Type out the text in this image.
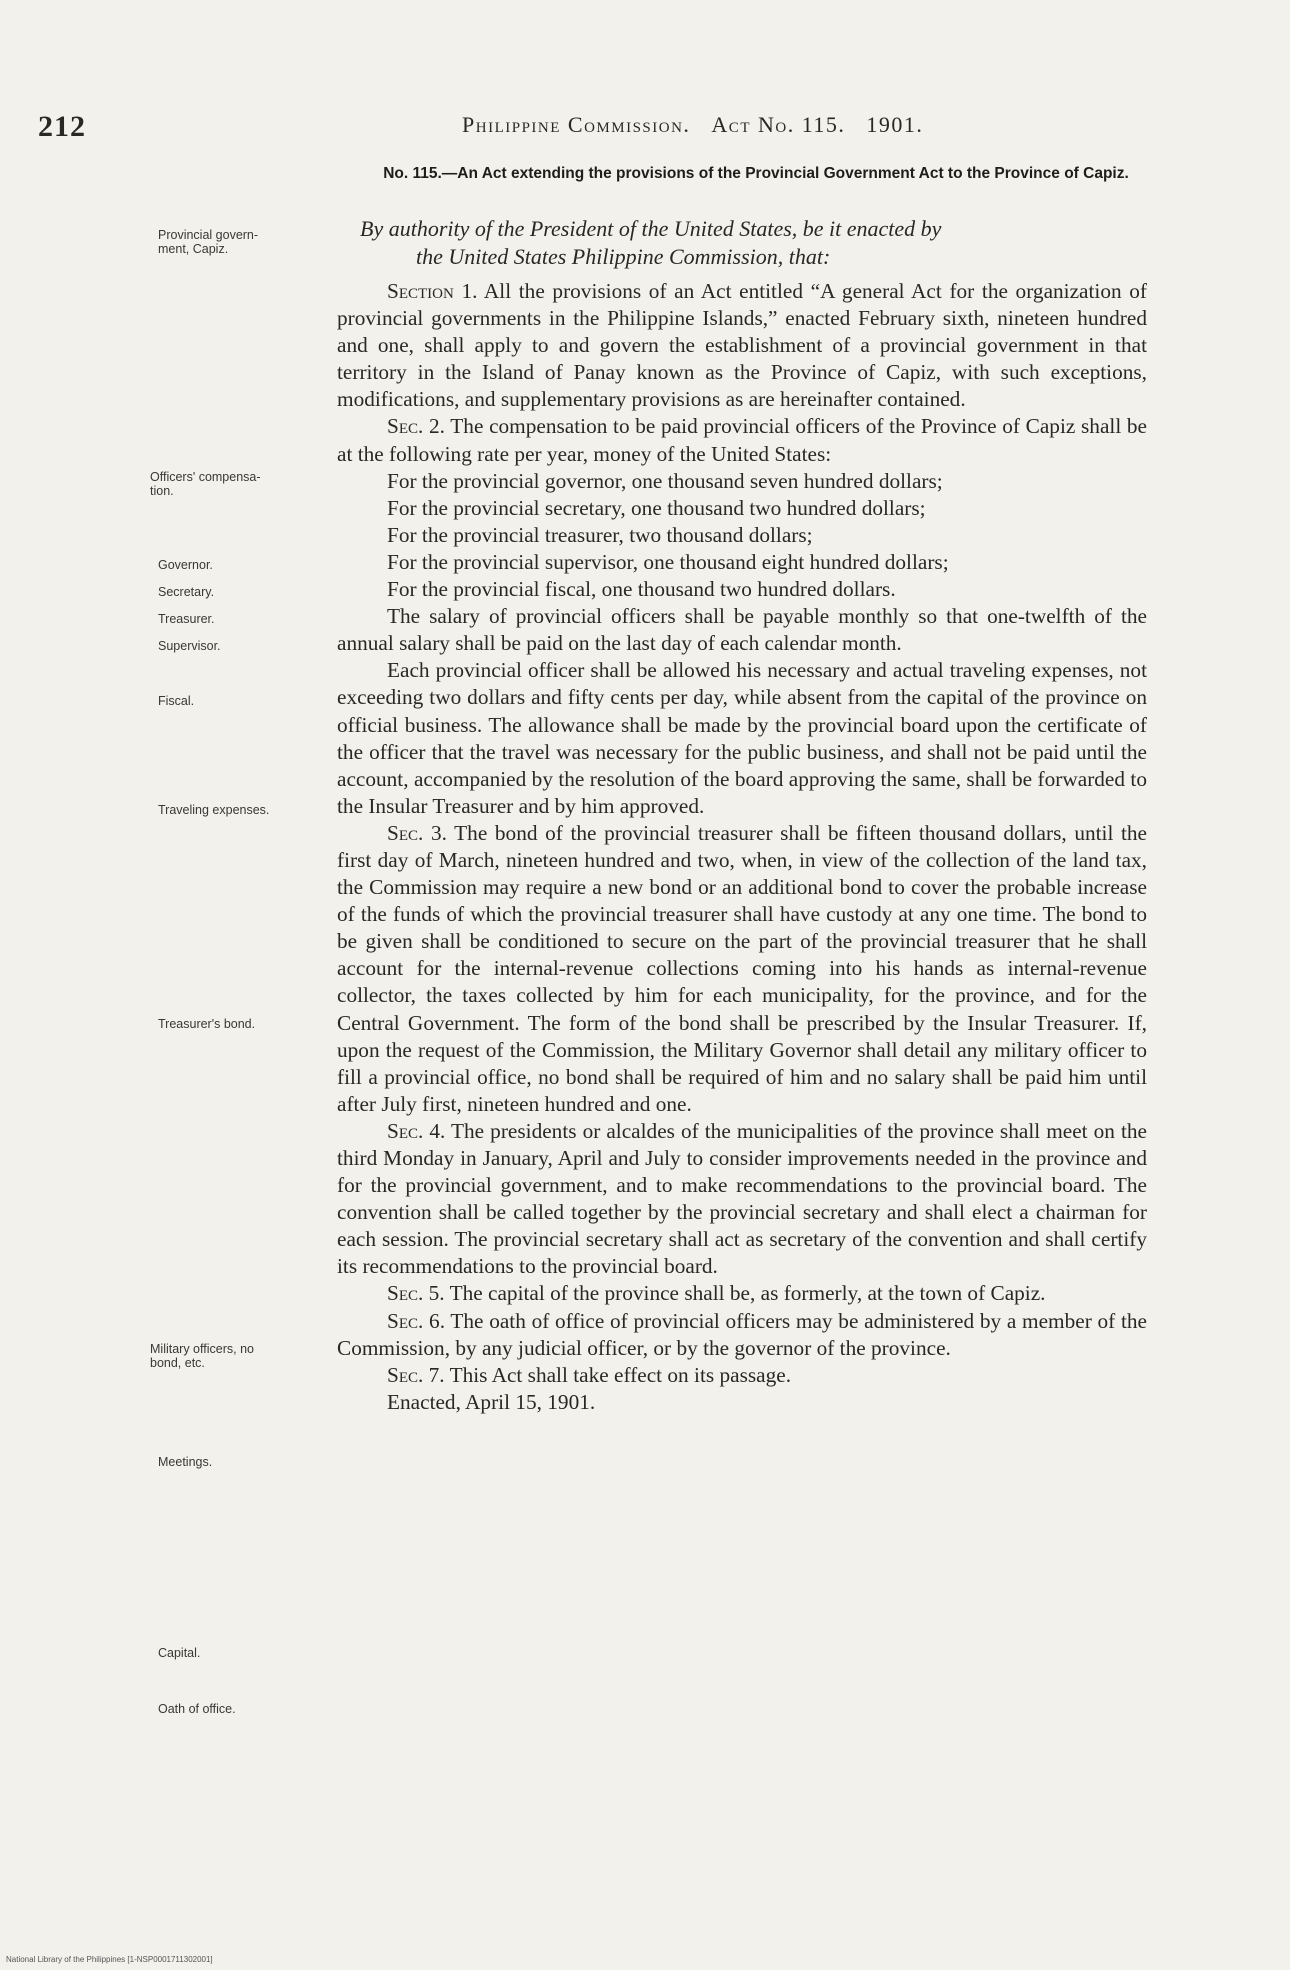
212	Philippine Commission. Act No. 115. 1901.
No. 115.—An Act extending the provisions of the Provincial Government Act to the Province of Capiz.
By authority of the President of the United States, be it enacted by
the United States Philippine Commission, that:
Provincial govern-ment, Capiz.
Officers' compensa-tion.
Governor.
Secretary.
Treasurer.
Supervisor.
Fiscal.
Traveling expenses.
Treasurer's bond.
Military officers, no bond, etc.
Meetings.
Capital.
Oath of office.

Section 1. All the provisions of an Act entitled “A general Act for the organization of provincial governments in the Philippine Islands,” enacted February sixth, nineteen hundred and one, shall apply to and govern the establishment of a provincial government in that territory in the Island of Panay known as the Province of Capiz, with such exceptions, modifications, and supplementary provisions as are hereinafter contained.

Sec. 2. The compensation to be paid provincial officers of the Province of Capiz shall be at the following rate per year, money of the United States:

For the provincial governor, one thousand seven hundred dollars;

For the provincial secretary, one thousand two hundred dollars;

For the provincial treasurer, two thousand dollars;

For the provincial supervisor, one thousand eight hundred dollars;

For the provincial fiscal, one thousand two hundred dollars.

The salary of provincial officers shall be payable monthly so that one-twelfth of the annual salary shall be paid on the last day of each calendar month.

Each provincial officer shall be allowed his necessary and actual traveling expenses, not exceeding two dollars and fifty cents per day, while absent from the capital of the province on official business. The allowance shall be made by the provincial board upon the certificate of the officer that the travel was necessary for the public business, and shall not be paid until the account, accompanied by the resolution of the board approving the same, shall be forwarded to the Insular Treasurer and by him approved.

Sec. 3. The bond of the provincial treasurer shall be fifteen thousand dollars, until the first day of March, nineteen hundred and two, when, in view of the collection of the land tax, the Commission may require a new bond or an additional bond to cover the probable increase of the funds of which the provincial treasurer shall have custody at any one time. The bond to be given shall be conditioned to secure on the part of the provincial treasurer that he shall account for the internal-revenue collections coming into his hands as internal-revenue collector, the taxes collected by him for each municipality, for the province, and for the Central Government. The form of the bond shall be prescribed by the Insular Treasurer. If, upon the request of the Commission, the Military Governor shall detail any military officer to fill a provincial office, no bond shall be required of him and no salary shall be paid him until after July first, nineteen hundred and one.

Sec. 4. The presidents or alcaldes of the municipalities of the province shall meet on the third Monday in January, April and July to consider improvements needed in the province and for the provincial government, and to make recommendations to the provincial board. The convention shall be called together by the provincial secretary and shall elect a chairman for each session. The provincial secretary shall act as secretary of the convention and shall certify its recommendations to the provincial board.

Sec. 5. The capital of the province shall be, as formerly, at the town of Capiz.

Sec. 6. The oath of office of provincial officers may be administered by a member of the Commission, by any judicial officer, or by the governor of the province.

Sec. 7. This Act shall take effect on its passage.

Enacted, April 15, 1901.

National Library of the Philippines [1-NSP0001711302001]
